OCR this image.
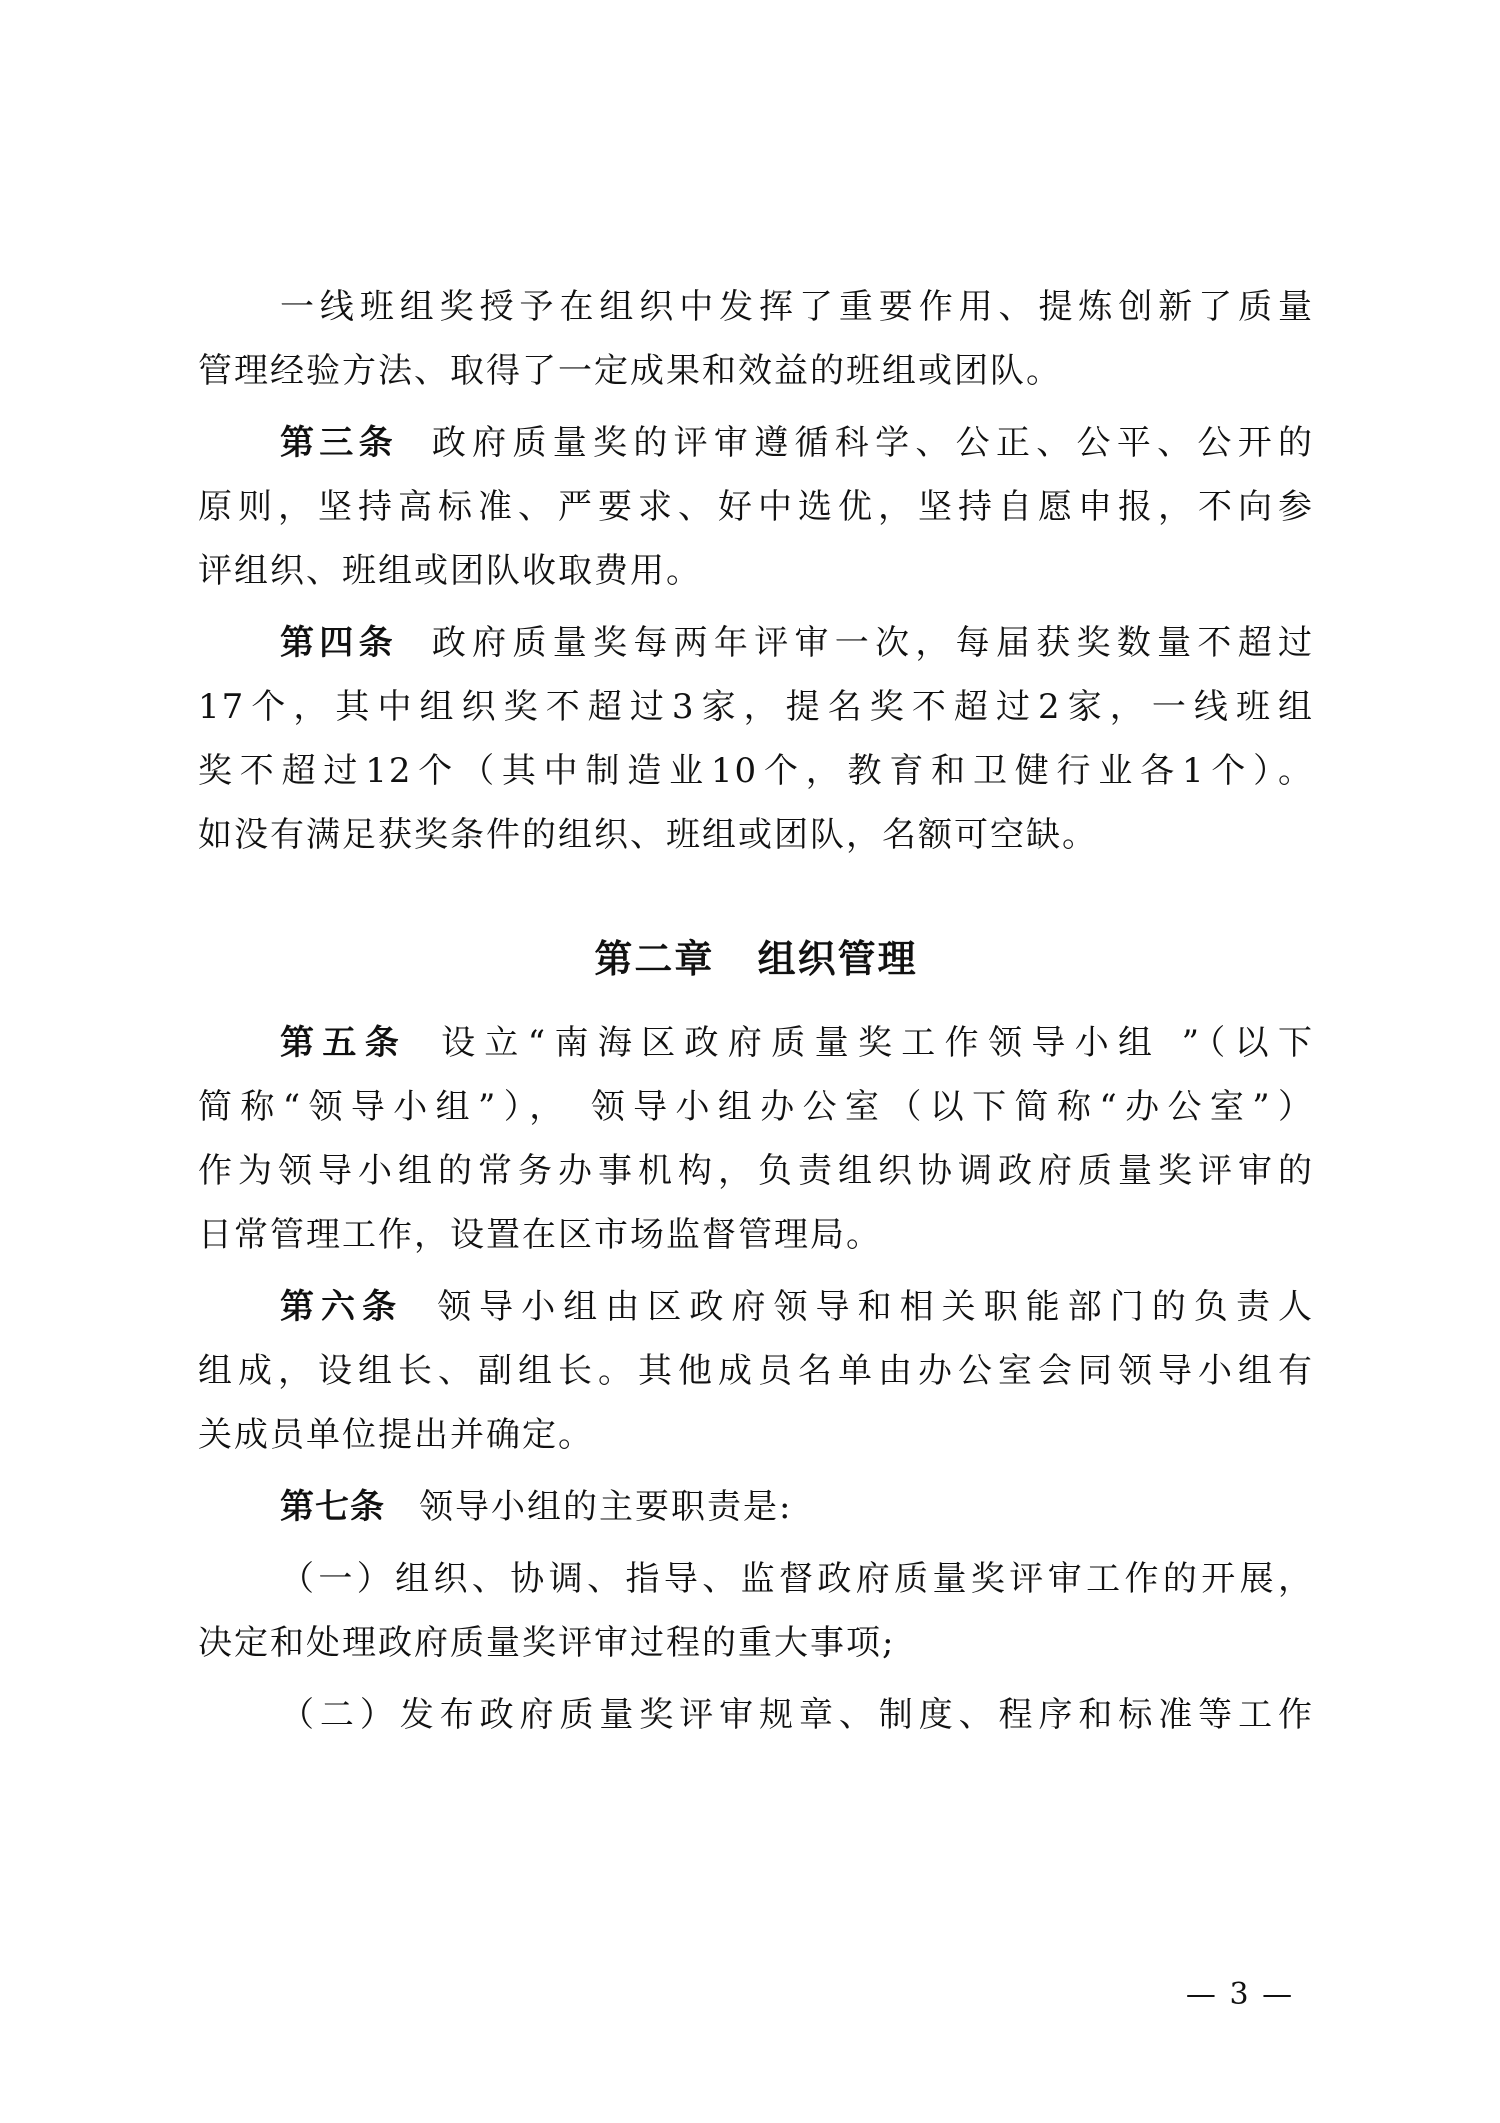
一线班组奖授予在组织中发挥了重要作用、提炼创新了质量
管理经验方法、取得了一定成果和效益的班组或团队。
第三条 政府质量奖的评审遵循科学、公正、公平、公开的
原则，坚持高标准、严要求、好中选优，坚持自愿申报，不向参
评组织、班组或团队收取费用。
第四条 政府质量奖每两年评审一次，每届获奖数量不超过
17个，其中组织奖不超过3家，提名奖不超过2家，一线班组
奖不超过12个（其中制造业10个，教育和卫健行业各1个）。
如没有满足获奖条件的组织、班组或团队，名额可空缺。
第二章 组织管理
第五条 设立“南海区政府质量奖工作领导小组 ”（以下
简称“领导小组”）， 领导小组办公室（以下简称“办公室”）
作为领导小组的常务办事机构，负责组织协调政府质量奖评审的
日常管理工作，设置在区市场监督管理局。
第六条 领导小组由区政府领导和相关职能部门的负责人
组成，设组长、副组长。其他成员名单由办公室会同领导小组有
关成员单位提出并确定。
第七条 领导小组的主要职责是:
（一）组织、协调、指导、监督政府质量奖评审工作的开展，
决定和处理政府质量奖评审过程的重大事项;
（二）发布政府质量奖评审规章、制度、程序和标准等工作
— 3 —
